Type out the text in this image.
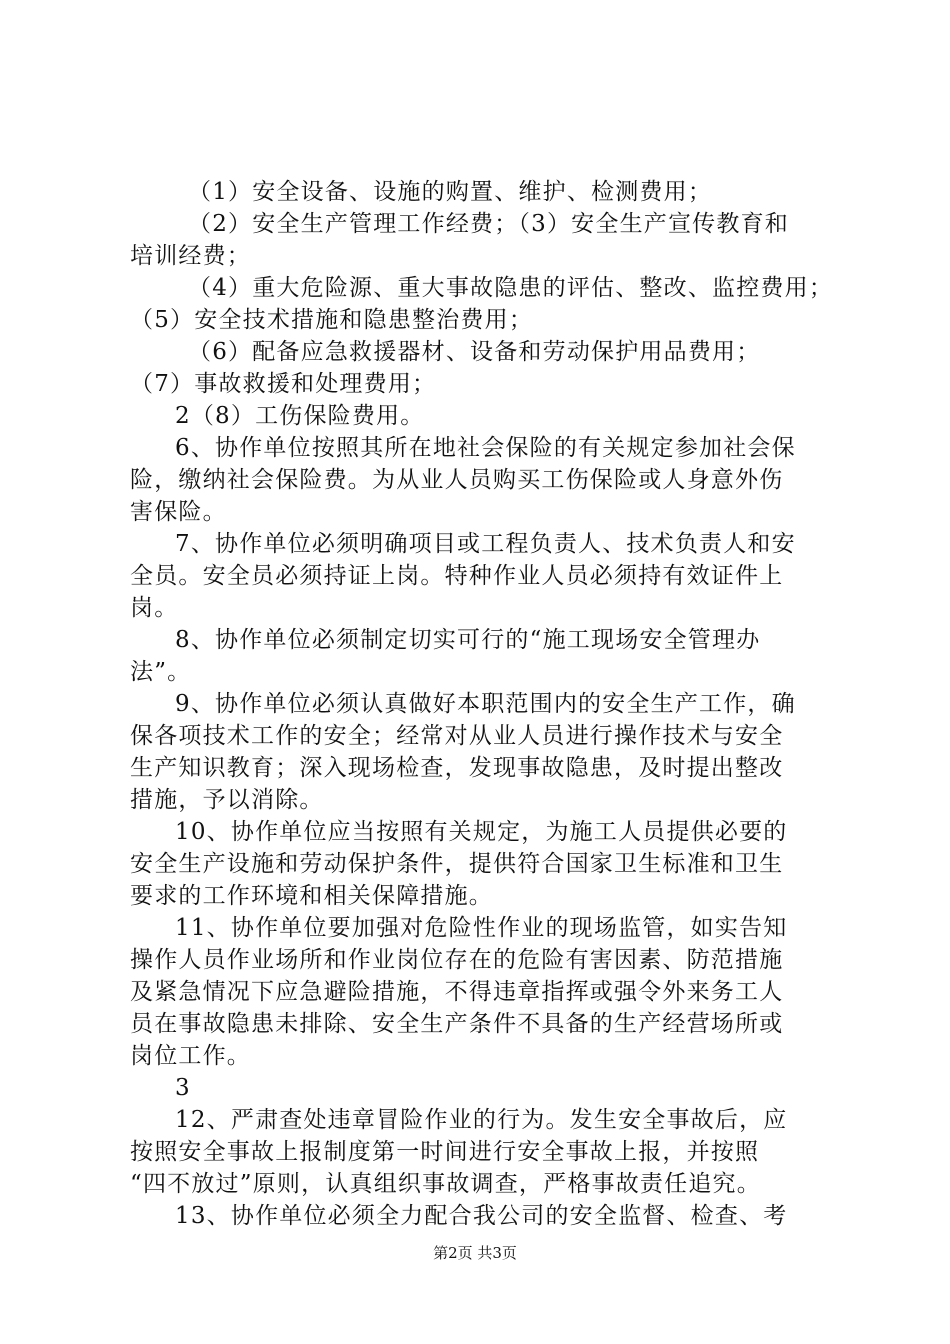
（1）安全设备、设施的购置、维护、检测费用；
（2）安全生产管理工作经费；（3）安全生产宣传教育和
培训经费；
（4）重大危险源、重大事故隐患的评估、整改、监控费用；
（5）安全技术措施和隐患整治费用；
（6）配备应急救援器材、设备和劳动保护用品费用；
（7）事故救援和处理费用；
2（8）工伤保险费用。
6、协作单位按照其所在地社会保险的有关规定参加社会保
险，缴纳社会保险费。为从业人员购买工伤保险或人身意外伤
害保险。
7、协作单位必须明确项目或工程负责人、技术负责人和安
全员。安全员必须持证上岗。特种作业人员必须持有效证件上
岗。
8、协作单位必须制定切实可行的“施工现场安全管理办
法”。
9、协作单位必须认真做好本职范围内的安全生产工作，确
保各项技术工作的安全；经常对从业人员进行操作技术与安全
生产知识教育；深入现场检查，发现事故隐患，及时提出整改
措施，予以消除。
10、协作单位应当按照有关规定，为施工人员提供必要的
安全生产设施和劳动保护条件，提供符合国家卫生标准和卫生
要求的工作环境和相关保障措施。
11、协作单位要加强对危险性作业的现场监管，如实告知
操作人员作业场所和作业岗位存在的危险有害因素、防范措施
及紧急情况下应急避险措施，不得违章指挥或强令外来务工人
员在事故隐患未排除、安全生产条件不具备的生产经营场所或
岗位工作。
3
12、严肃查处违章冒险作业的行为。发生安全事故后，应
按照安全事故上报制度第一时间进行安全事故上报，并按照
“四不放过”原则，认真组织事故调查，严格事故责任追究。
13、协作单位必须全力配合我公司的安全监督、检查、考
第2页 共3页
